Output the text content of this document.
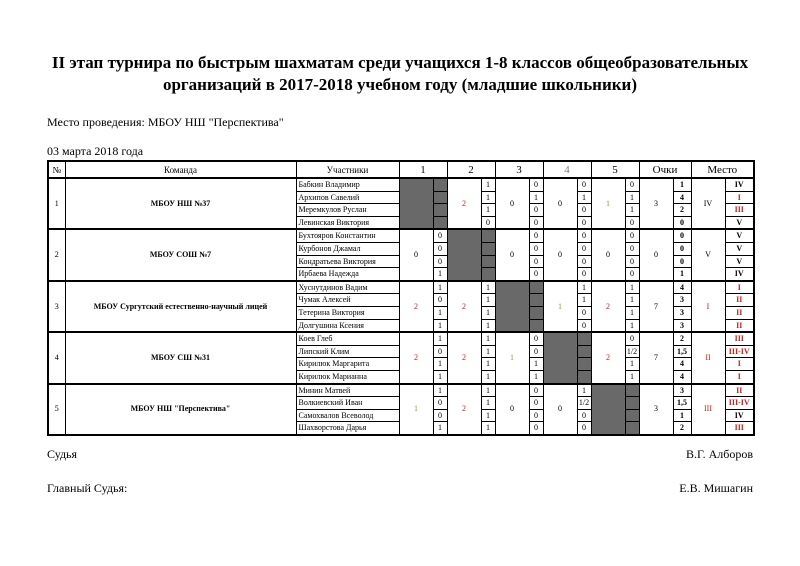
II этап турнира по быстрым шахматам среди учащихся 1-8 классов общеобразовательных
организаций в 2017-2018 учебном году (младшие школьники)
Место проведения: МБОУ НШ "Перспектива"
03 марта 2018 года
№	Команда	Участники	1		2		3		4		5		Очки		Место	
1	МБОУ НШ №37	Бабкин Владимир			2	1	0	0	0	0	1	0	3	1	IV	IV
		Архипов Савелий				1		1		1		1		4		I
		Меремкулов Руслан				1		0		0		1		2		III
		Левинская Виктория				0		0		0		0		0		V
2	МБОУ СОШ №7	Бухтояров Константин	0	0			0	0	0	0	0	0	0	0	V	V
		Курбонов Джамал		0				0		0		0		0		V
		Кондратьева Виктория		0				0		0		0		0		V
		Ирбаева Надежда		1				0		0		0		1		IV
3	МБОУ Сургутский естественно-научный лицей	Хуснутдинов Вадим	2	1	2	1			1	1	2	1	7	4	I	I
		Чумак Алексей		0		1				1		1		3		II
		Тетерина Виктория		1		1				0		1		3		II
		Долгушина Ксения		1		1				0		1		3		II
4	МБОУ СШ №31	Коев Глеб	2	1	2	1	1	0			2	0	7	2	II	III
		Липский Клим		0		1		0				1/2		1,5		III-IV
		Кирилюк Маргарита		1		1		1				1		4		I
		Кирилюк Марианна		1		1		1				1		4		I
5	МБОУ НШ "Перспектива"	Минин Матвей	1	1	2	1	0	0	0	1			3	3	III	II
		Волкиевский Иван		0		1		0		1/2				1,5		III-IV
		Самохвалов Всеволод		0		1		0		0				1		IV
		Шахворстова Дарья		1		1		0		0				2		III
Судья	В.Г. Алборов
Главный Судья:	Е.В. Мишагин
